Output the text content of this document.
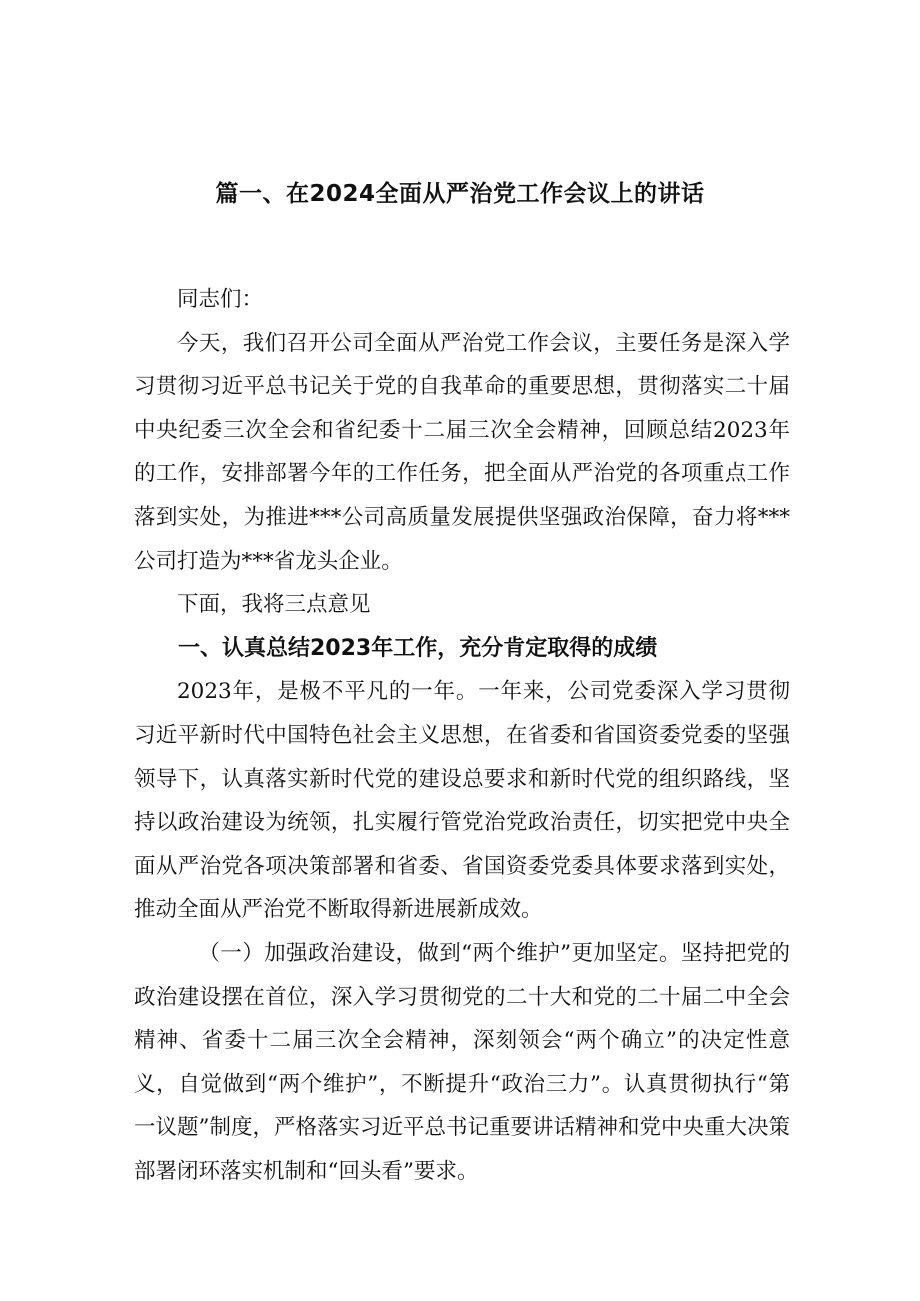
篇一、在2024全面从严治党工作会议上的讲话

同志们：

今天，我们召开公司全面从严治党工作会议，主要任务是深入学习贯彻习近平总书记关于党的自我革命的重要思想，贯彻落实二十届中央纪委三次全会和省纪委十二届三次全会精神，回顾总结2023年的工作，安排部署今年的工作任务，把全面从严治党的各项重点工作落到实处，为推进***公司高质量发展提供坚强政治保障，奋力将***公司打造为***省龙头企业。

下面，我将三点意见

一、认真总结2023年工作，充分肯定取得的成绩

2023年，是极不平凡的一年。一年来，公司党委深入学习贯彻习近平新时代中国特色社会主义思想，在省委和省国资委党委的坚强领导下，认真落实新时代党的建设总要求和新时代党的组织路线，坚持以政治建设为统领，扎实履行管党治党政治责任，切实把党中央全面从严治党各项决策部署和省委、省国资委党委具体要求落到实处，推动全面从严治党不断取得新进展新成效。

（一）加强政治建设，做到“两个维护”更加坚定。坚持把党的政治建设摆在首位，深入学习贯彻党的二十大和党的二十届二中全会精神、省委十二届三次全会精神，深刻领会“两个确立”的决定性意义，自觉做到“两个维护”，不断提升“政治三力”。认真贯彻执行“第一议题”制度，严格落实习近平总书记重要讲话精神和党中央重大决策部署闭环落实机制和“回头看”要求。
